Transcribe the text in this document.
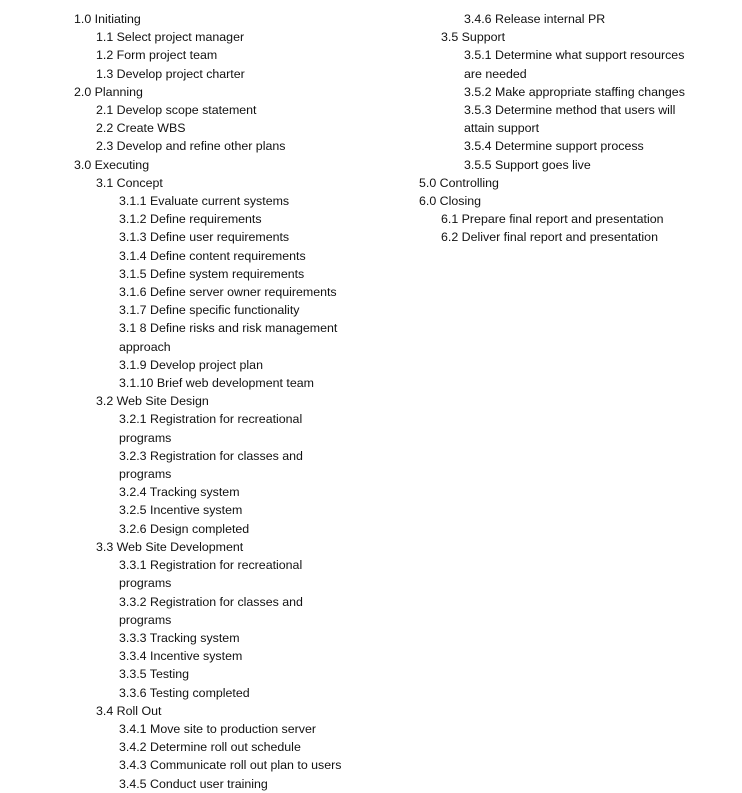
1.0 Initiating
1.1 Select project manager
1.2 Form project team
1.3 Develop project charter
2.0 Planning
2.1 Develop scope statement
2.2 Create WBS
2.3 Develop and refine other plans
3.0 Executing
3.1 Concept
3.1.1 Evaluate current systems
3.1.2 Define requirements
3.1.3 Define user requirements
3.1.4 Define content requirements
3.1.5 Define system requirements
3.1.6 Define server owner requirements
3.1.7 Define specific functionality
3.1 8 Define risks and risk management approach
3.1.9 Develop project plan
3.1.10 Brief web development team
3.2 Web Site Design
3.2.1 Registration for recreational programs
3.2.3 Registration for classes and programs
3.2.4 Tracking system
3.2.5 Incentive system
3.2.6 Design completed
3.3 Web Site Development
3.3.1 Registration for recreational programs
3.3.2 Registration for classes and programs
3.3.3 Tracking system
3.3.4 Incentive system
3.3.5 Testing
3.3.6 Testing completed
3.4 Roll Out
3.4.1 Move site to production server
3.4.2 Determine roll out schedule
3.4.3 Communicate roll out plan to users
3.4.5 Conduct user training
3.4.6 Release internal PR
3.5 Support
3.5.1 Determine what support resources are needed
3.5.2 Make appropriate staffing changes
3.5.3 Determine method that users will attain support
3.5.4 Determine support process
3.5.5 Support goes live
5.0 Controlling
6.0 Closing
6.1 Prepare final report and presentation
6.2 Deliver final report and presentation
